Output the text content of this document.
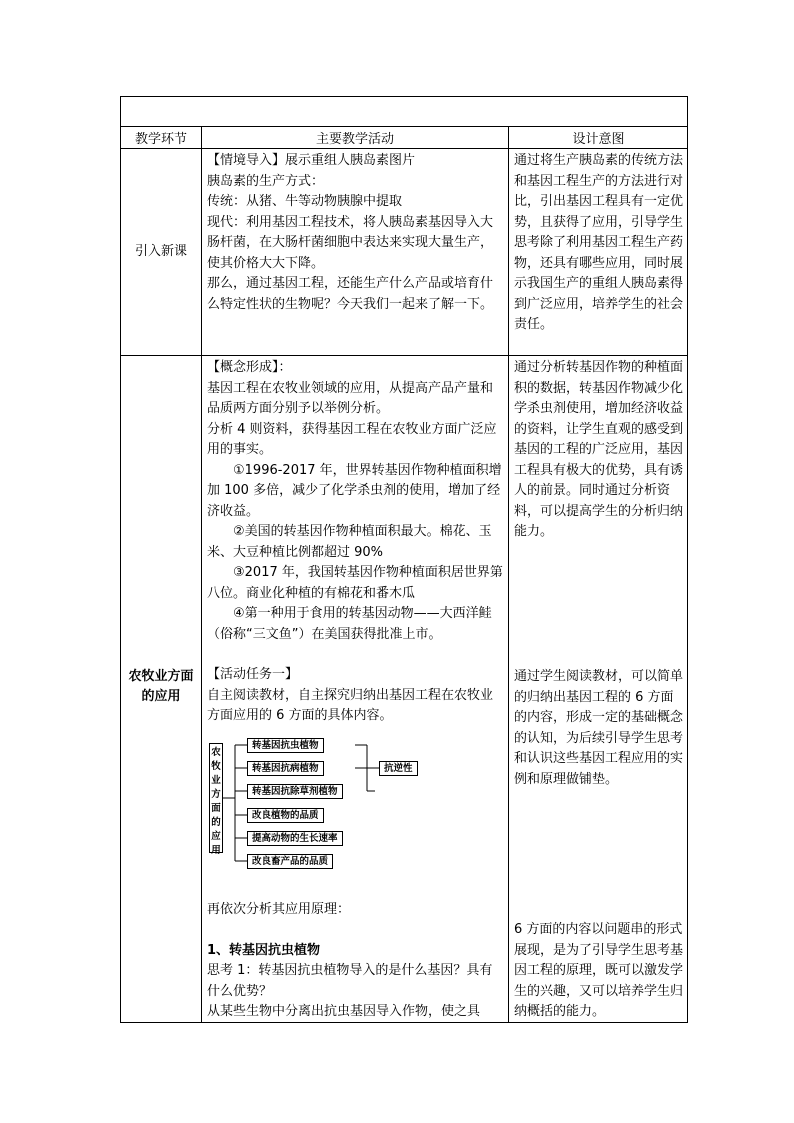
教学环节	主要教学活动	设计意图
引入新课

【情境导入】展示重组人胰岛素图片

胰岛素的生产方式：

传统：从猪、牛等动物胰腺中提取

现代：利用基因工程技术，将人胰岛素基因导入大肠杆菌，在大肠杆菌细胞中表达来实现大量生产，使其价格大大下降。

那么，通过基因工程，还能生产什么产品或培育什么特定性状的生物呢？今天我们一起来了解一下。

通过将生产胰岛素的传统方法和基因工程生产的方法进行对比，引出基因工程具有一定优势，且获得了应用，引导学生思考除了利用基因工程生产药物，还具有哪些应用，同时展示我国生产的重组人胰岛素得到广泛应用，培养学生的社会责任。
农牧业方面的应用

【概念形成】：

基因工程在农牧业领域的应用，从提高产品产量和品质两方面分别予以举例分析。

分析 4 则资料，获得基因工程在农牧业方面广泛应用的事实。

①1996-2017 年，世界转基因作物种植面积增加 100 多倍，减少了化学杀虫剂的使用，增加了经济收益。

②美国的转基因作物种植面积最大。棉花、玉米、大豆种植比例都超过 90%

③2017 年，我国转基因作物种植面积居世界第八位。商业化种植的有棉花和番木瓜

④第一种用于食用的转基因动物——大西洋鲑（俗称“三文鱼”）在美国获得批准上市。

【活动任务一】

自主阅读教材，自主探究归纳出基因工程在农牧业方面应用的 6 方面的具体内容。

农牧业方面的应用
转基因抗虫植物
转基因抗病植物
转基因抗除草剂植物
改良植物的品质
提高动物的生长速率
改良畜产品的品质
抗逆性

再依次分析其应用原理：

1、转基因抗虫植物

思考 1：转基因抗虫植物导入的是什么基因？具有什么优势？

从某些生物中分离出抗虫基因导入作物，使之具

通过分析转基因作物的种植面积的数据，转基因作物减少化学杀虫剂使用，增加经济收益的资料，让学生直观的感受到基因的工程的广泛应用，基因工程具有极大的优势，具有诱人的前景。同时通过分析资料，可以提高学生的分析归纳能力。
通过学生阅读教材，可以简单的归纳出基因工程的 6 方面的内容，形成一定的基础概念的认知，为后续引导学生思考和认识这些基因工程应用的实例和原理做铺垫。
6 方面的内容以问题串的形式展现，是为了引导学生思考基因工程的原理，既可以激发学生的兴趣，又可以培养学生归纳概括的能力。
